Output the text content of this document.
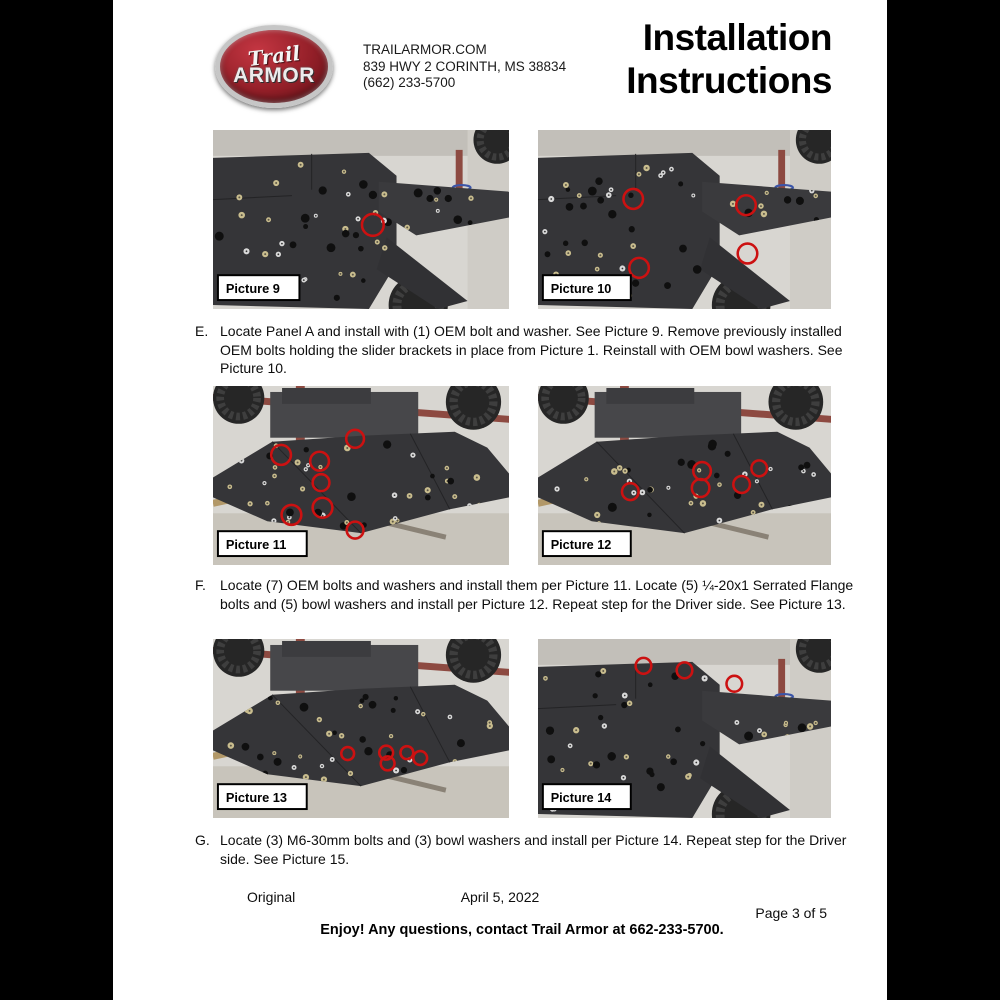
Trail
ARMOR
TRAILARMOR.COM
839 HWY 2 CORINTH, MS 38834
(662) 233-5700
Installation
Instructions
Picture 9	Picture 10
Picture 11	Picture 12
Picture 13	Picture 14
E. Locate Panel A and install with (1) OEM bolt and washer. See Picture 9. Remove previously installed OEM bolts holding the slider brackets in place from Picture 1. Reinstall with OEM bowl washers. See Picture 10.
F.	Locate (7) OEM bolts and washers and install them per Picture 11. Locate (5) ¼-20x1 Serrated Flange bolts and (5) bowl washers and install per Picture 12. Repeat step for the Driver side. See Picture 13.
G. Locate (3) M6-30mm bolts and (3) bowl washers and install per Picture 14. Repeat step for the Driver side. See Picture 15.
Original	April 5, 2022
Page 3 of 5
Enjoy! Any questions, contact Trail Armor at 662-233-5700.
